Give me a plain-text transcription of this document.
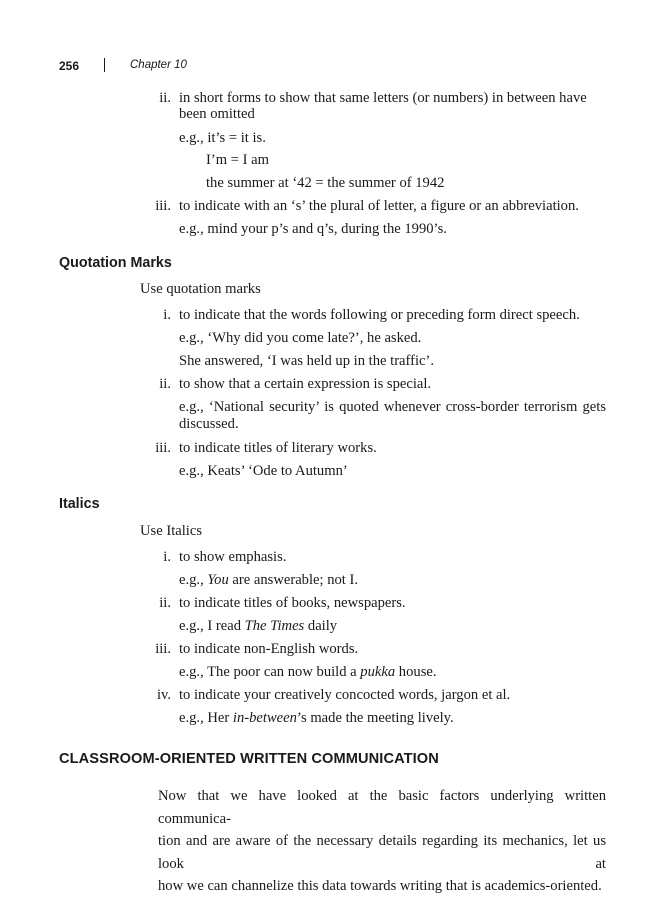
256	Chapter 10
ii. in short forms to show that same letters (or numbers) in between have
been omitted
e.g., it’s = it is.
I’m = I am
the summer at ‘42 = the summer of 1942
iii. to indicate with an ‘s’ the plural of letter, a figure or an abbreviation.
e.g., mind your p’s and q’s, during the 1990’s.
Quotation Marks
Use quotation marks
i. to indicate that the words following or preceding form direct speech.
e.g., ‘Why did you come late?’, he asked.
She answered, ‘I was held up in the traffic’.
ii. to show that a certain expression is special.
e.g., ‘National security’ is quoted whenever cross-border terrorism gets
discussed.
iii. to indicate titles of literary works.
e.g., Keats’ ‘Ode to Autumn’
Italics
Use Italics
i. to show emphasis.
e.g., You are answerable; not I.
ii. to indicate titles of books, newspapers.
e.g., I read The Times daily
iii. to indicate non-English words.
e.g., The poor can now build a pukka house.
iv. to indicate your creatively concocted words, jargon et al.
e.g., Her in-between’s made the meeting lively.
CLASSROOM-ORIENTED WRITTEN COMMUNICATION
Now that we have looked at the basic factors underlying written communica-
tion and are aware of the necessary details regarding its mechanics, let us look at
how we can channelize this data towards writing that is academics-oriented.
